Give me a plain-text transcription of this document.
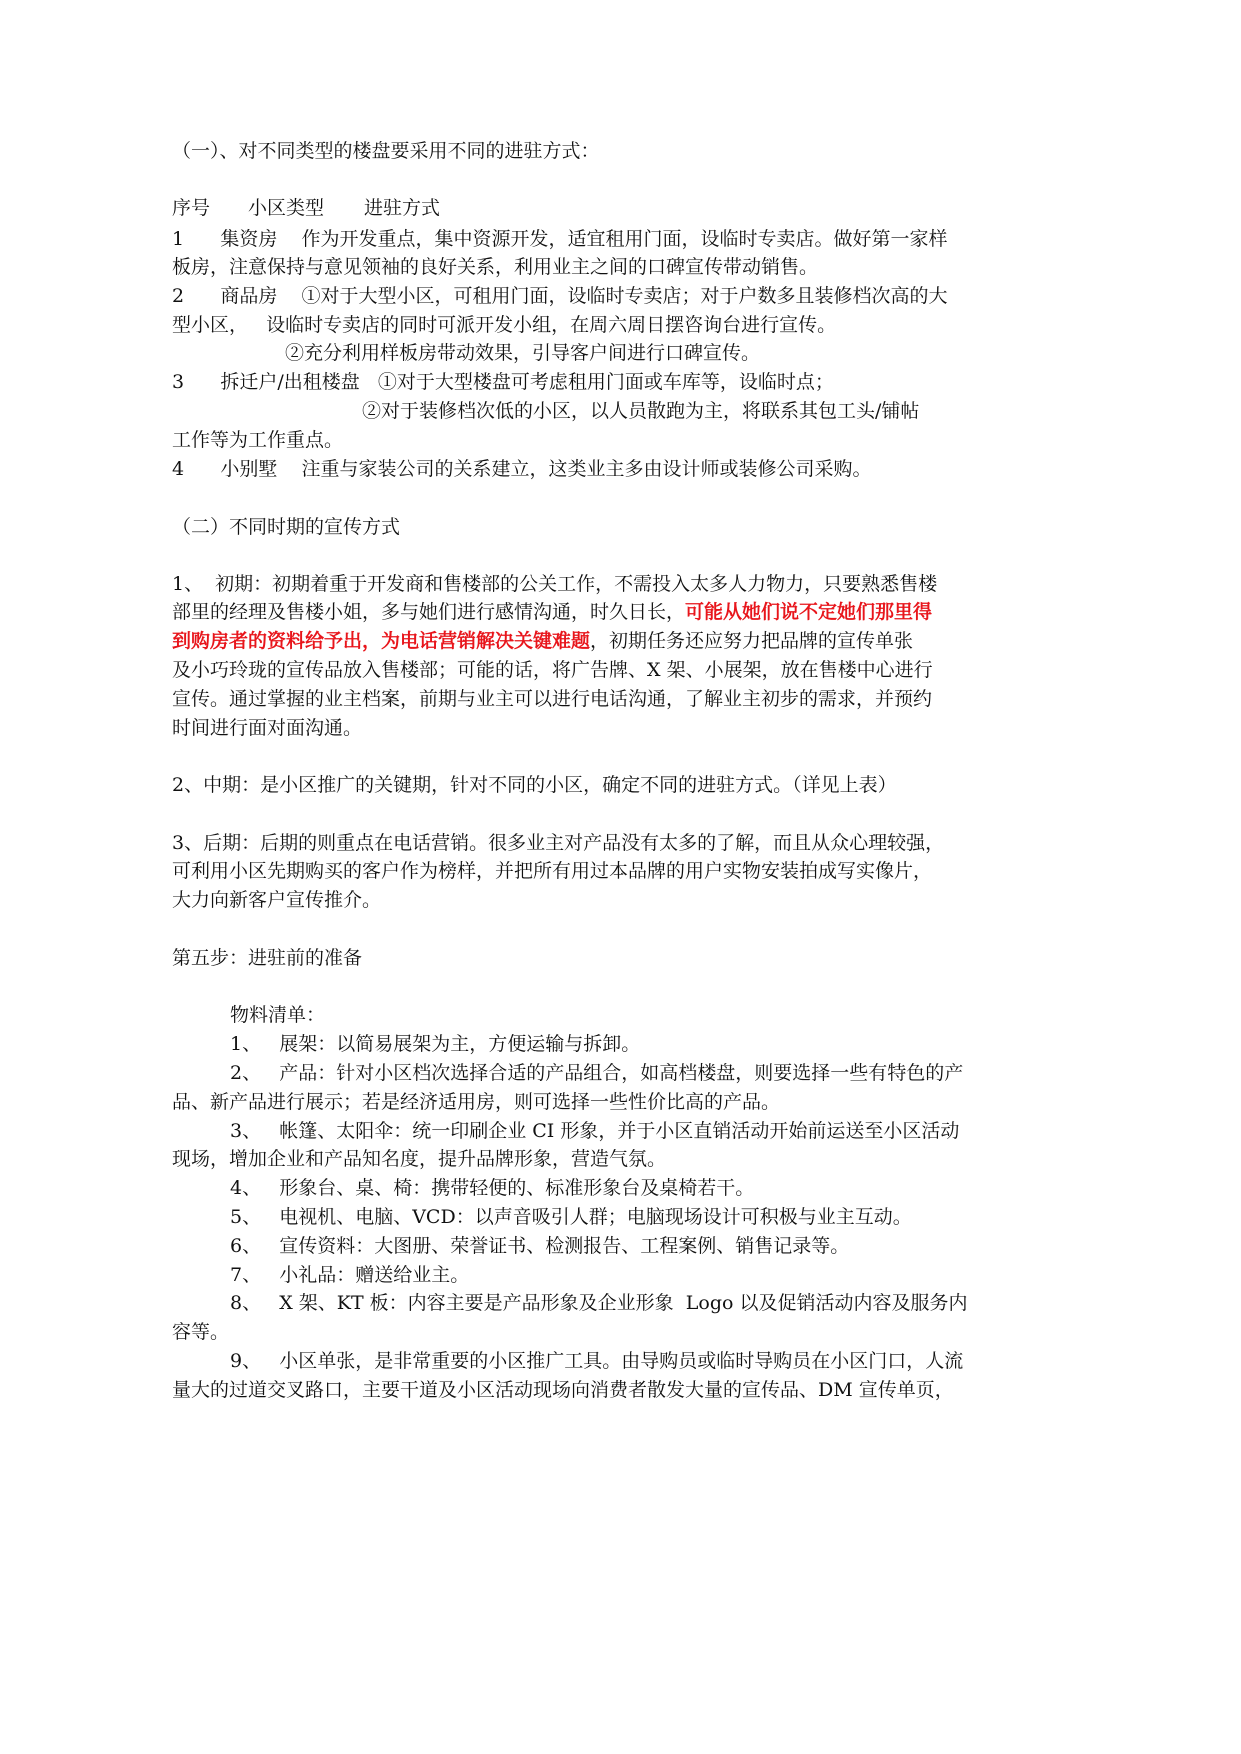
（一）、对不同类型的楼盘要采用不同的进驻方式：
序号 小区类型 进驻方式
1      集资房    作为开发重点，集中资源开发，适宜租用门面，设临时专卖店。做好第一家样
板房，注意保持与意见领袖的良好关系，利用业主之间的口碑宣传带动销售。
2      商品房    ①对于大型小区，可租用门面，设临时专卖店；对于户数多且装修档次高的大
型小区，   设临时专卖店的同时可派开发小组，在周六周日摆咨询台进行宣传。
②充分利用样板房带动效果，引导客户间进行口碑宣传。
3      拆迁户/出租楼盘   ①对于大型楼盘可考虑租用门面或车库等，设临时点；
②对于装修档次低的小区，以人员散跑为主，将联系其包工头/铺帖
工作等为工作重点。
4      小别墅    注重与家装公司的关系建立，这类业主多由设计师或装修公司采购。
（二）不同时期的宣传方式
1、  初期：初期着重于开发商和售楼部的公关工作，不需投入太多人力物力，只要熟悉售楼
部里的经理及售楼小姐，多与她们进行感情沟通，时久日长，可能从她们说不定她们那里得
到购房者的资料给予出，为电话营销解决关键难题，初期任务还应努力把品牌的宣传单张
及小巧玲珑的宣传品放入售楼部；可能的话，将广告牌、X 架、小展架，放在售楼中心进行
宣传。通过掌握的业主档案，前期与业主可以进行电话沟通，了解业主初步的需求，并预约
时间进行面对面沟通。
2、中期：是小区推广的关键期，针对不同的小区，确定不同的进驻方式。（详见上表）
3、后期：后期的则重点在电话营销。很多业主对产品没有太多的了解，而且从众心理较强，
可利用小区先期购买的客户作为榜样，并把所有用过本品牌的用户实物安装拍成写实像片，
大力向新客户宣传推介。
第五步：进驻前的准备
物料清单：
1、   展架：以简易展架为主，方便运输与拆卸。
2、   产品：针对小区档次选择合适的产品组合，如高档楼盘，则要选择一些有特色的产
品、新产品进行展示；若是经济适用房，则可选择一些性价比高的产品。
3、   帐篷、太阳伞：统一印刷企业 CI 形象，并于小区直销活动开始前运送至小区活动
现场，增加企业和产品知名度，提升品牌形象，营造气氛。
4、   形象台、桌、椅：携带轻便的、标准形象台及桌椅若干。
5、   电视机、电脑、VCD：以声音吸引人群；电脑现场设计可积极与业主互动。
6、   宣传资料：大图册、荣誉证书、检测报告、工程案例、销售记录等。
7、   小礼品：赠送给业主。
8、   X 架、KT 板：内容主要是产品形象及企业形象  Logo 以及促销活动内容及服务内
容等。
9、   小区单张，是非常重要的小区推广工具。由导购员或临时导购员在小区门口，人流
量大的过道交叉路口，主要干道及小区活动现场向消费者散发大量的宣传品、DM 宣传单页，
